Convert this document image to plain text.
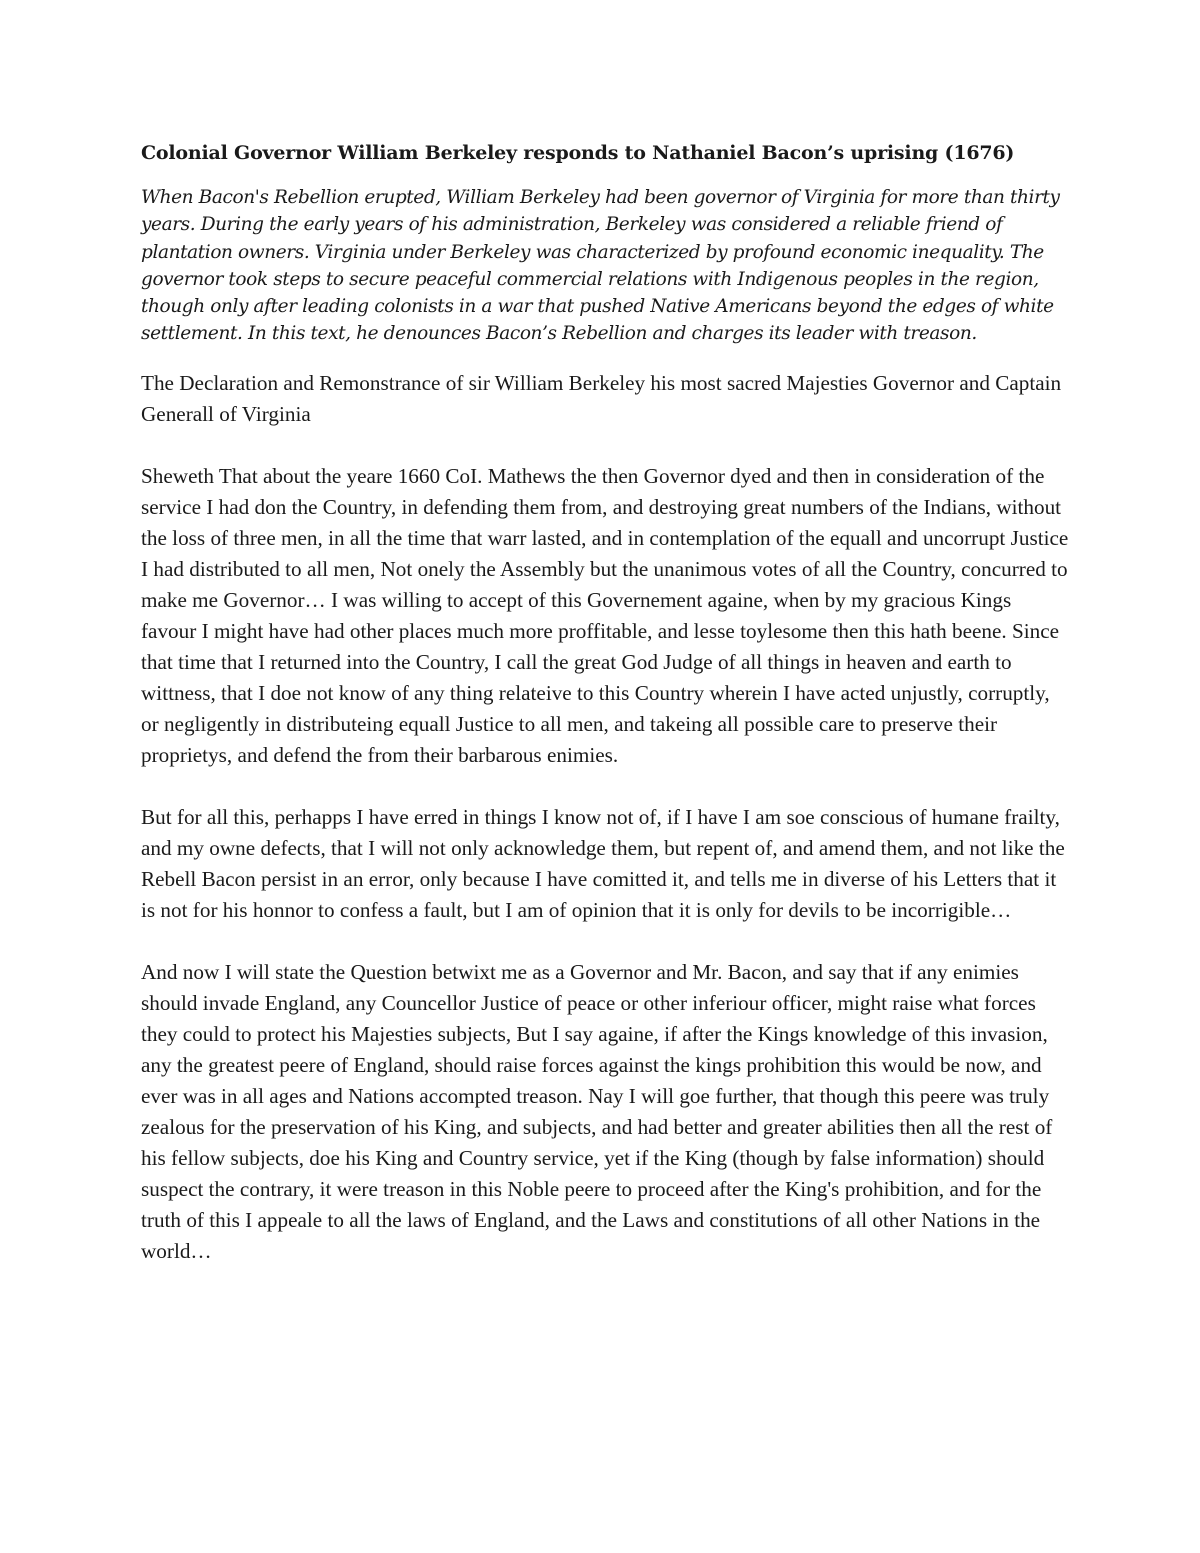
Colonial Governor William Berkeley responds to Nathaniel Bacon’s uprising (1676)

When Bacon's Rebellion erupted, William Berkeley had been governor of Virginia for more than thirty years. During the early years of his administration, Berkeley was considered a reliable friend of plantation owners. Virginia under Berkeley was characterized by profound economic inequality. The governor took steps to secure peaceful commercial relations with Indigenous peoples in the region, though only after leading colonists in a war that pushed Native Americans beyond the edges of white settlement. In this text, he denounces Bacon’s Rebellion and charges its leader with treason.

The Declaration and Remonstrance of sir William Berkeley his most sacred Majesties Governor and Captain Generall of Virginia

Sheweth That about the yeare 1660 CoI. Mathews the then Governor dyed and then in consideration of the service I had don the Country, in defending them from, and destroying great numbers of the Indians, without the loss of three men, in all the time that warr lasted, and in contemplation of the equall and uncorrupt Justice I had distributed to all men, Not onely the Assembly but the unanimous votes of all the Country, concurred to make me Governor… I was willing to accept of this Governement againe, when by my gracious Kings favour I might have had other places much more proffitable, and lesse toylesome then this hath beene. Since that time that I returned into the Country, I call the great God Judge of all things in heaven and earth to wittness, that I doe not know of any thing relateive to this Country wherein I have acted unjustly, corruptly, or negligently in distributeing equall Justice to all men, and takeing all possible care to preserve their proprietys, and defend the from their barbarous enimies.

But for all this, perhapps I have erred in things I know not of, if I have I am soe conscious of humane frailty, and my owne defects, that I will not only acknowledge them, but repent of, and amend them, and not like the Rebell Bacon persist in an error, only because I have comitted it, and tells me in diverse of his Letters that it is not for his honnor to confess a fault, but I am of opinion that it is only for devils to be incorrigible…

And now I will state the Question betwixt me as a Governor and Mr. Bacon, and say that if any enimies should invade England, any Councellor Justice of peace or other inferiour officer, might raise what forces they could to protect his Majesties subjects, But I say againe, if after the Kings knowledge of this invasion, any the greatest peere of England, should raise forces against the kings prohibition this would be now, and ever was in all ages and Nations accompted treason. Nay I will goe further, that though this peere was truly zealous for the preservation of his King, and subjects, and had better and greater abilities then all the rest of his fellow subjects, doe his King and Country service, yet if the King (though by false information) should suspect the contrary, it were treason in this Noble peere to proceed after the King's prohibition, and for the truth of this I appeale to all the laws of England, and the Laws and constitutions of all other Nations in the world…
